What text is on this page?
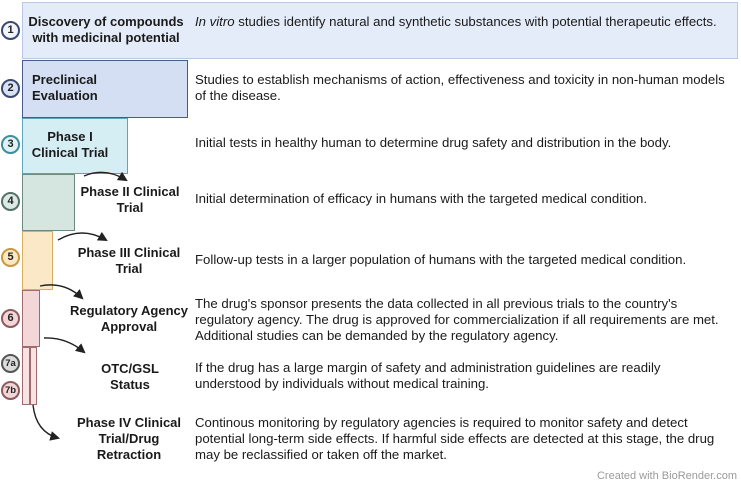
1
2
3
4
5
6
7a
7b
Discovery of compounds
with medicinal potential
Preclinical
Evaluation
Phase I
Clinical Trial
Phase II Clinical
Trial
Phase III Clinical
Trial
Regulatory Agency
Approval
OTC/GSL
Status
Phase IV Clinical
Trial/Drug
Retraction
In vitro studies identify natural and synthetic substances with potential therapeutic effects.
Studies to establish mechanisms of action, effectiveness and toxicity in non-human models of the disease.
Initial tests in healthy human to determine drug safety and distribution in the body.
Initial determination of efficacy in humans with the targeted medical condition.
Follow-up tests in a larger population of humans with the targeted medical condition.
The drug's sponsor presents the data collected in all previous trials to the country's regulatory agency. The drug is approved for commercialization if all requirements are met. Additional studies can be demanded by the regulatory agency.
If the drug has a large margin of safety and administration guidelines are readily understood by individuals without medical training.
Continous monitoring by regulatory agencies is required to monitor safety and detect potential long-term side effects. If harmful side effects are detected at this stage, the drug may be reclassified or taken off the market.
Created with BioRender.com
